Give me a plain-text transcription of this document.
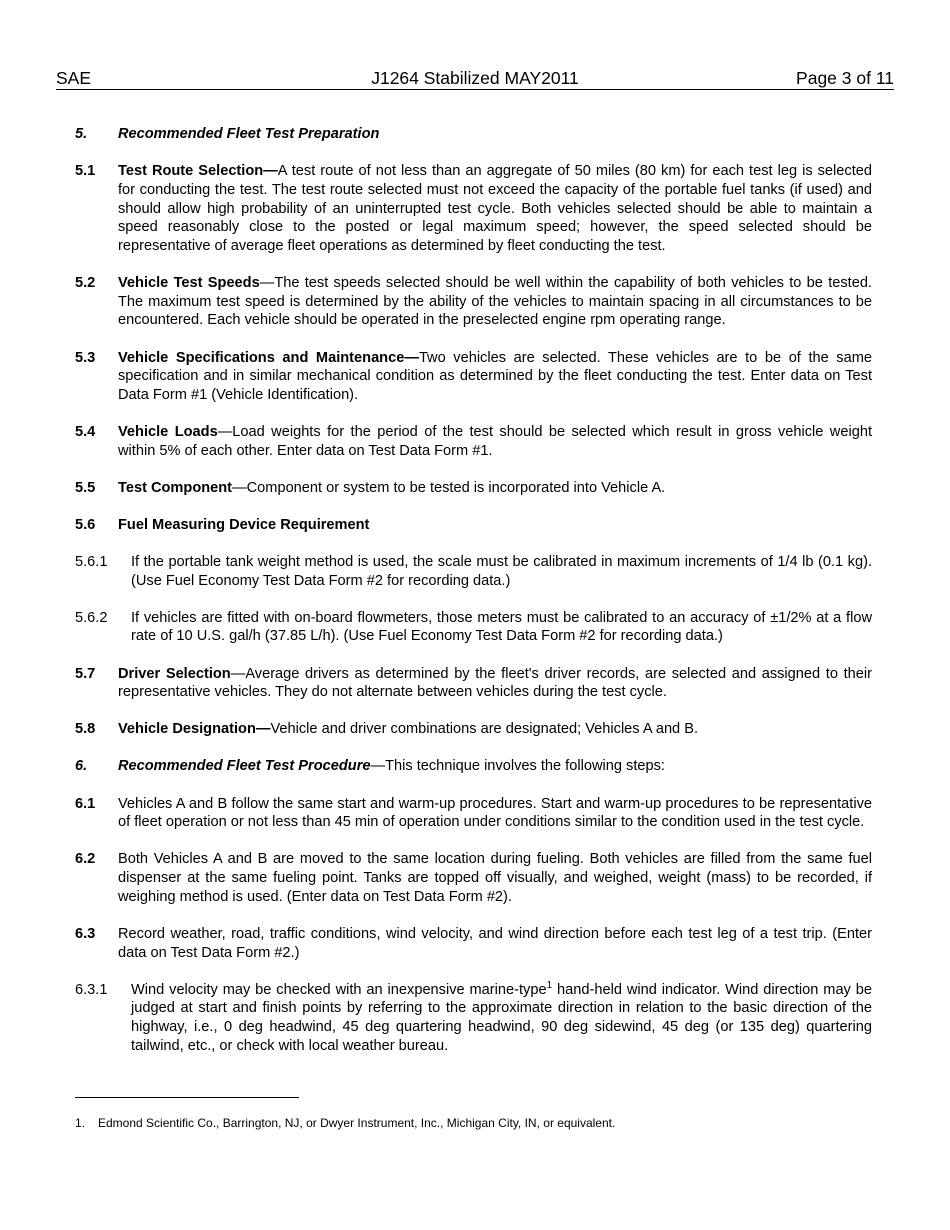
SAE	J1264 Stabilized MAY2011	Page 3 of 11
5. Recommended Fleet Test Preparation
5.1 Test Route Selection—A test route of not less than an aggregate of 50 miles (80 km) for each test leg is selected for conducting the test. The test route selected must not exceed the capacity of the portable fuel tanks (if used) and should allow high probability of an uninterrupted test cycle. Both vehicles selected should be able to maintain a speed reasonably close to the posted or legal maximum speed; however, the speed selected should be representative of average fleet operations as determined by fleet conducting the test.
5.2 Vehicle Test Speeds—The test speeds selected should be well within the capability of both vehicles to be tested. The maximum test speed is determined by the ability of the vehicles to maintain spacing in all circumstances to be encountered. Each vehicle should be operated in the preselected engine rpm operating range.
5.3 Vehicle Specifications and Maintenance—Two vehicles are selected. These vehicles are to be of the same specification and in similar mechanical condition as determined by the fleet conducting the test. Enter data on Test Data Form #1 (Vehicle Identification).
5.4 Vehicle Loads—Load weights for the period of the test should be selected which result in gross vehicle weight within 5% of each other. Enter data on Test Data Form #1.
5.5 Test Component—Component or system to be tested is incorporated into Vehicle A.
5.6 Fuel Measuring Device Requirement
5.6.1 If the portable tank weight method is used, the scale must be calibrated in maximum increments of 1/4 lb (0.1 kg). (Use Fuel Economy Test Data Form #2 for recording data.)
5.6.2 If vehicles are fitted with on-board flowmeters, those meters must be calibrated to an accuracy of ±1/2% at a flow rate of 10 U.S. gal/h (37.85 L/h). (Use Fuel Economy Test Data Form #2 for recording data.)
5.7 Driver Selection—Average drivers as determined by the fleet's driver records, are selected and assigned to their representative vehicles. They do not alternate between vehicles during the test cycle.
5.8 Vehicle Designation—Vehicle and driver combinations are designated; Vehicles A and B.
6. Recommended Fleet Test Procedure—This technique involves the following steps:
6.1 Vehicles A and B follow the same start and warm-up procedures. Start and warm-up procedures to be representative of fleet operation or not less than 45 min of operation under conditions similar to the condition used in the test cycle.
6.2 Both Vehicles A and B are moved to the same location during fueling. Both vehicles are filled from the same fuel dispenser at the same fueling point. Tanks are topped off visually, and weighed, weight (mass) to be recorded, if weighing method is used. (Enter data on Test Data Form #2).
6.3 Record weather, road, traffic conditions, wind velocity, and wind direction before each test leg of a test trip. (Enter data on Test Data Form #2.)
6.3.1 Wind velocity may be checked with an inexpensive marine-type$^1$ hand-held wind indicator. Wind direction may be judged at start and finish points by referring to the approximate direction in relation to the basic direction of the highway, i.e., 0 deg headwind, 45 deg quartering headwind, 90 deg sidewind, 45 deg (or 135 deg) quartering tailwind, etc., or check with local weather bureau.
1. Edmond Scientific Co., Barrington, NJ, or Dwyer Instrument, Inc., Michigan City, IN, or equivalent.
